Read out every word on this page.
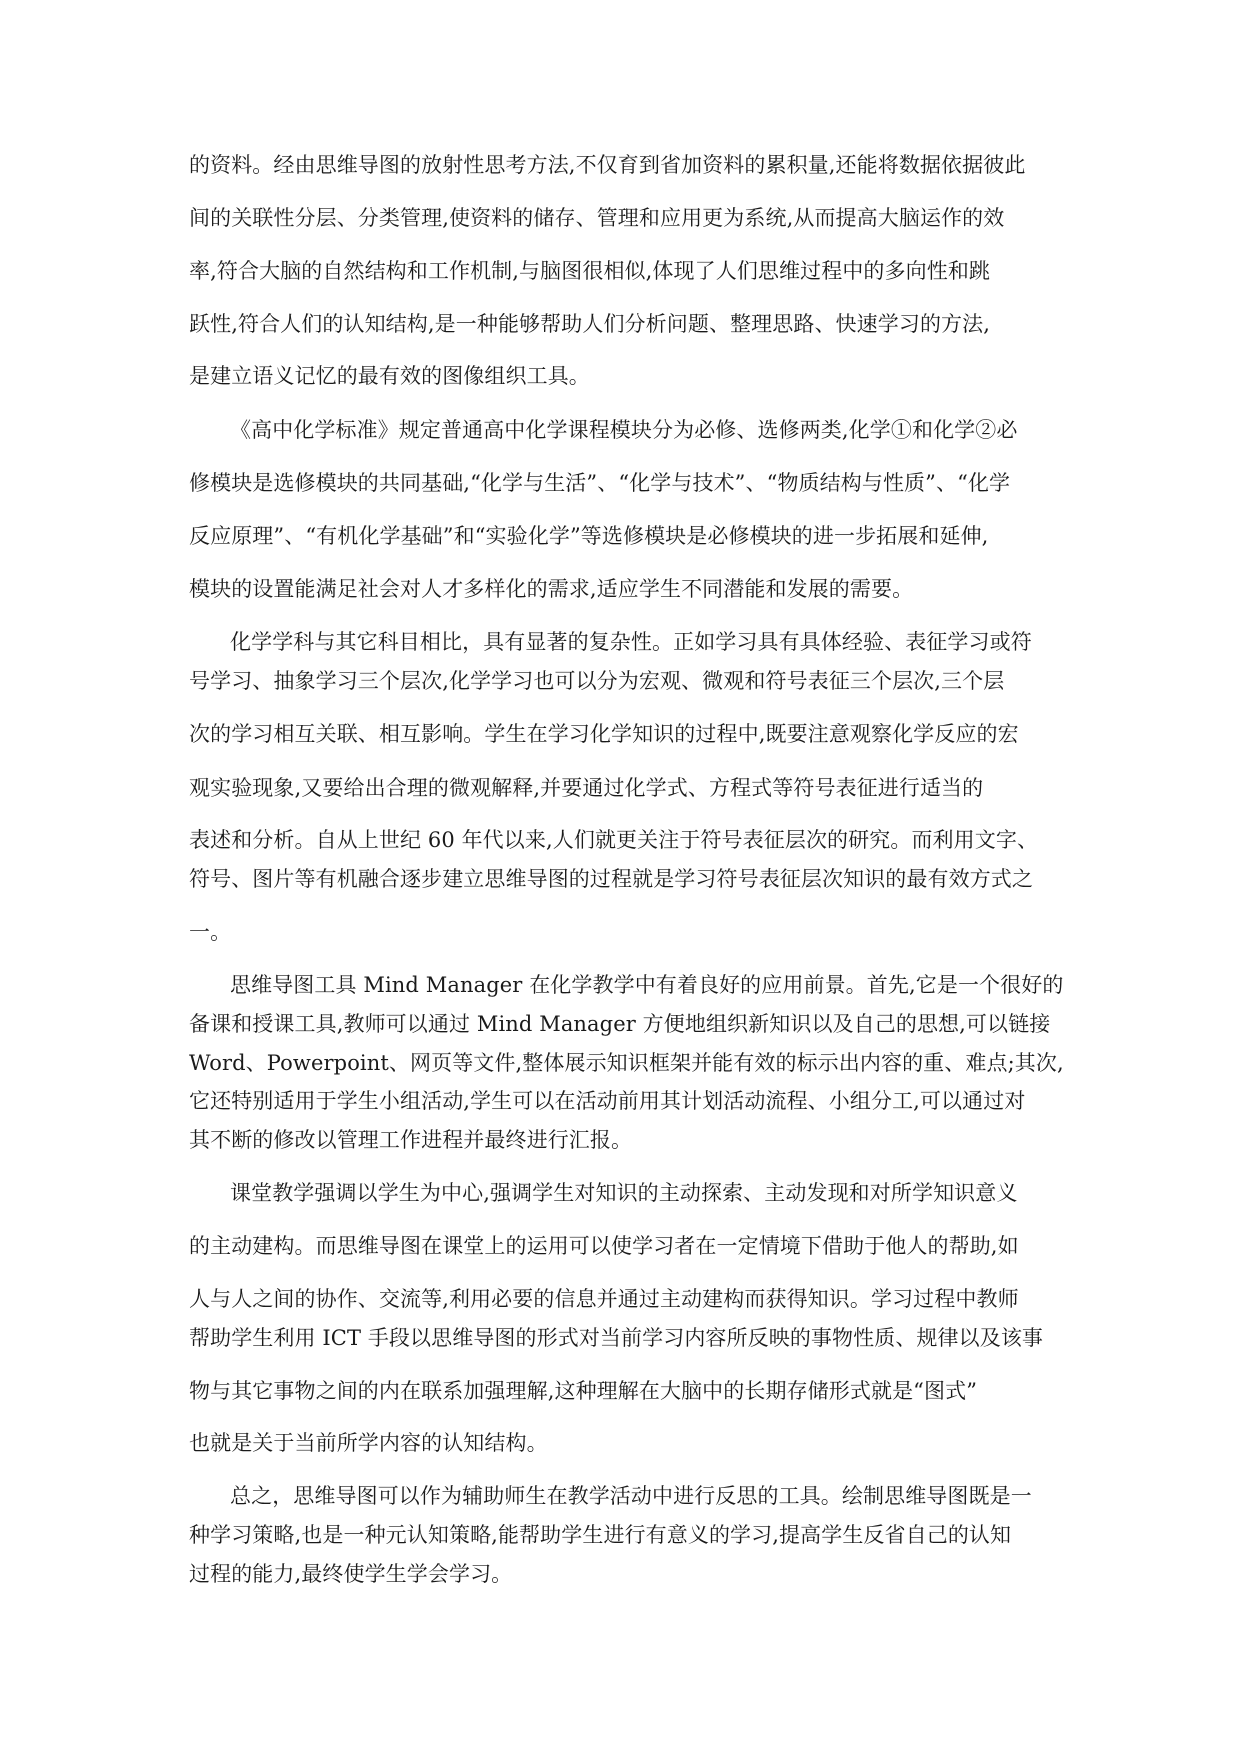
的资料。经由思维导图的放射性思考方法,不仅育到省加资料的累积量,还能将数据依据彼此
间的关联性分层、分类管理,使资料的储存、管理和应用更为系统,从而提高大脑运作的效
率,符合大脑的自然结构和工作机制,与脑图很相似,体现了人们思维过程中的多向性和跳
跃性,符合人们的认知结构,是一种能够帮助人们分析问题、整理思路、快速学习的方法,
是建立语义记忆的最有效的图像组织工具。
《高中化学标准》规定普通高中化学课程模块分为必修、选修两类,化学①和化学②必
修模块是选修模块的共同基础,“化学与生活”、“化学与技术”、“物质结构与性质”、“化学
反应原理”、“有机化学基础”和“实验化学”等选修模块是必修模块的进一步拓展和延伸,
模块的设置能满足社会对人才多样化的需求,适应学生不同潜能和发展的需要。
化学学科与其它科目相比，具有显著的复杂性。正如学习具有具体经验、表征学习或符
号学习、抽象学习三个层次,化学学习也可以分为宏观、微观和符号表征三个层次,三个层
次的学习相互关联、相互影响。学生在学习化学知识的过程中,既要注意观察化学反应的宏
观实验现象,又要给出合理的微观解释,并要通过化学式、方程式等符号表征进行适当的
表述和分析。自从上世纪 60 年代以来,人们就更关注于符号表征层次的研究。而利用文字、
符号、图片等有机融合逐步建立思维导图的过程就是学习符号表征层次知识的最有效方式之
一。
思维导图工具 Mind Manager 在化学教学中有着良好的应用前景。首先,它是一个很好的
备课和授课工具,教师可以通过 Mind Manager 方便地组织新知识以及自己的思想,可以链接
Word、Powerpoint、网页等文件,整体展示知识框架并能有效的标示出内容的重、难点;其次,
它还特别适用于学生小组活动,学生可以在活动前用其计划活动流程、小组分工,可以通过对
其不断的修改以管理工作进程并最终进行汇报。
课堂教学强调以学生为中心,强调学生对知识的主动探索、主动发现和对所学知识意义
的主动建构。而思维导图在课堂上的运用可以使学习者在一定情境下借助于他人的帮助,如
人与人之间的协作、交流等,利用必要的信息并通过主动建构而获得知识。学习过程中教师
帮助学生利用 ICT 手段以思维导图的形式对当前学习内容所反映的事物性质、规律以及该事
物与其它事物之间的内在联系加强理解,这种理解在大脑中的长期存储形式就是“图式”
也就是关于当前所学内容的认知结构。
总之，思维导图可以作为辅助师生在教学活动中进行反思的工具。绘制思维导图既是一
种学习策略,也是一种元认知策略,能帮助学生进行有意义的学习,提高学生反省自己的认知
过程的能力,最终使学生学会学习。
